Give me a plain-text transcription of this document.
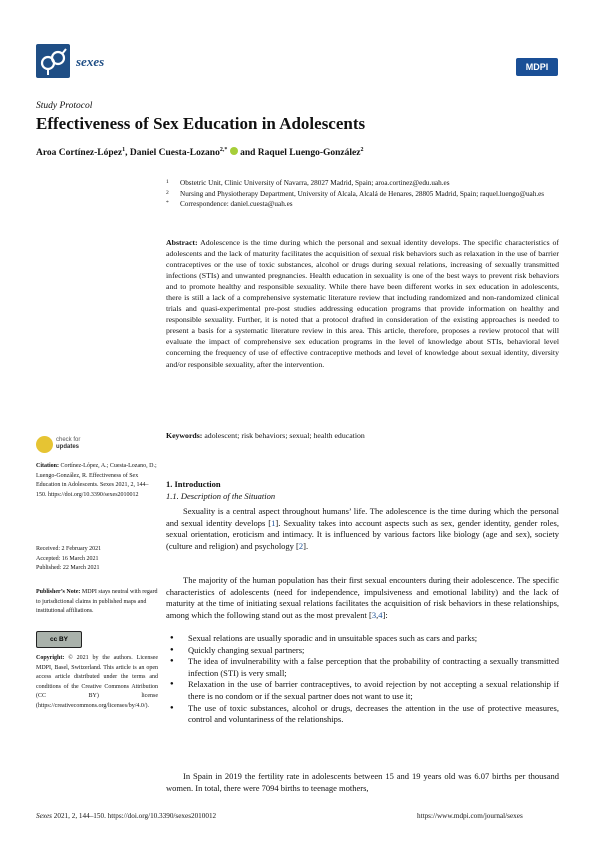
sexes	MDPI
Study Protocol
Effectiveness of Sex Education in Adolescents
Aroa Cortínez-López$^1$, Daniel Cuesta-Lozano$^{2,*}$  and Raquel Luengo-González$^2$
1 Obstetric Unit, Clinic University of Navarra, 28027 Madrid, Spain; aroa.cortinez@edu.uah.es
2 Nursing and Physiotherapy Department, University of Alcala, Alcalá de Henares, 28805 Madrid, Spain; raquel.luengo@uah.es
* Correspondence: daniel.cuesta@uah.es

Abstract: Adolescence is the time during which the personal and sexual identity develops. The specific characteristics of adolescents and the lack of maturity facilitates the acquisition of sexual risk behaviors such as relaxation in the use of barrier contraceptives or the use of toxic substances, alcohol or drugs during sexual relations, increasing of sexually transmitted infections (STIs) and unwanted pregnancies. Health education in sexuality is one of the best ways to prevent risk behaviors and to promote healthy and responsible sexuality. While there have been different works in sex education in adolescents, there is still a lack of a comprehensive systematic literature review that including randomized and non-randomized clinical trials and quasi-experimental pre-post studies addressing education programs that provide information on healthy and responsible sexuality. Further, it is noted that a protocol drafted in consideration of the existing approaches is needed to present a basis for a systematic literature review in this area. This article, therefore, proposes a review protocol that will evaluate the impact of comprehensive sex education programs in the level of knowledge about STIs, behavioral level concerning the frequency of use of effective contraceptive methods and level of knowledge about sexual identity, diversity and/or responsible sexuality, after the intervention.

Keywords: adolescent; risk behaviors; sexual; health education

check for
updates

Citation: Cortínez-López, A.; Cuesta-Lozano, D.; Luengo-González, R. Effectiveness of Sex Education in Adolescents. Sexes 2021, 2, 144–150. https://doi.org/10.3390/sexes2010012

Received: 2 February 2021
Accepted: 16 March 2021
Published: 22 March 2021

Publisher’s Note: MDPI stays neutral with regard to jurisdictional claims in published maps and institutional affiliations.

cc BY

Copyright: © 2021 by the authors. Licensee MDPI, Basel, Switzerland. This article is an open access article distributed under the terms and conditions of the Creative Commons Attribution (CC BY) license (https://creativecommons.org/licenses/by/4.0/).

1. Introduction
1.1. Description of the Situation

Sexuality is a central aspect throughout humans’ life. The adolescence is the time during which the personal and sexual identity develops [1]. Sexuality takes into account aspects such as sex, gender identity, gender roles, sexual orientation, eroticism and intimacy. It is influenced by various factors like biology (age and sex), society (culture and religion) and psychology [2].

The majority of the human population has their first sexual encounters during their adolescence. The specific characteristics of adolescents (need for independence, impulsiveness and emotional lability) and the lack of maturity at the time of initiating sexual relations facilitates the acquisition of risk behaviors in these relationships, among which the following stand out as the most prevalent [3,4]:

● Sexual relations are usually sporadic and in unsuitable spaces such as cars and parks;
● Quickly changing sexual partners;
● The idea of invulnerability with a false perception that the probability of contracting a sexually transmitted infection (STI) is very small;
● Relaxation in the use of barrier contraceptives, to avoid rejection by not accepting a sexual relationship if there is no condom or if the sexual partner does not want to use it;
● The use of toxic substances, alcohol or drugs, decreases the attention in the use of protective measures, control and voluntariness of the relationships.

In Spain in 2019 the fertility rate in adolescents between 15 and 19 years old was 6.07 births per thousand women. In total, there were 7094 births to teenage mothers,

Sexes 2021, 2, 144–150. https://doi.org/10.3390/sexes2010012	https://www.mdpi.com/journal/sexes
